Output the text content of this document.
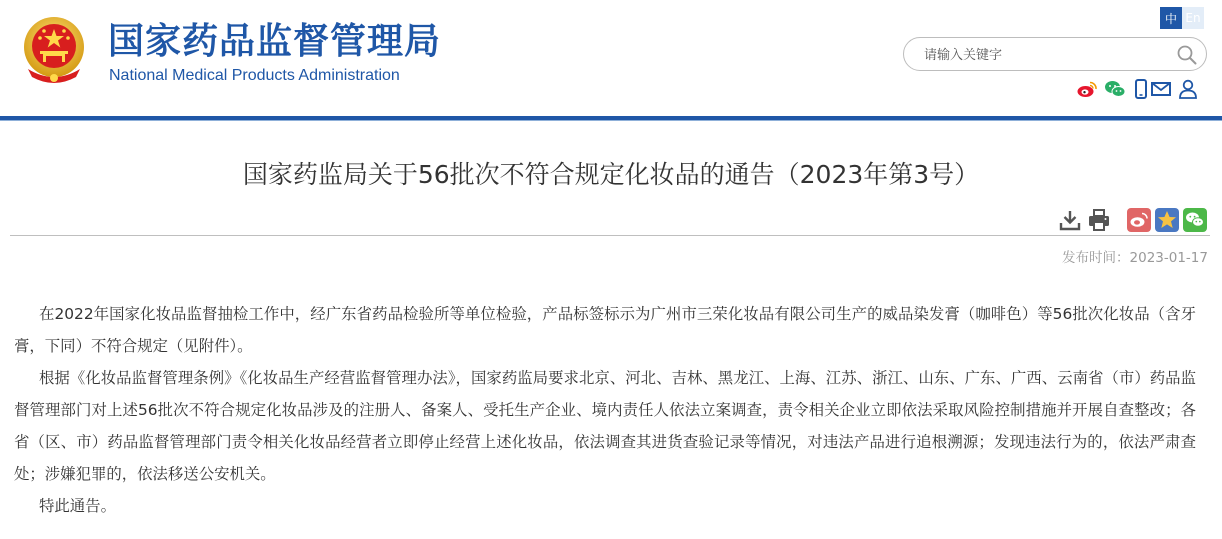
国家药品监督管理局
National Medical Products Administration
中 En
请输入关键字
国家药监局关于56批次不符合规定化妆品的通告（2023年第3号）
发布时间：2023-01-17

在2022年国家化妆品监督抽检工作中，经广东省药品检验所等单位检验，产品标签标示为广州市三荣化妆品有限公司生产的威品染发膏（咖啡色）等56批次化妆品（含牙膏，下同）不符合规定（见附件）。

根据《化妆品监督管理条例》《化妆品生产经营监督管理办法》，国家药监局要求北京、河北、吉林、黑龙江、上海、江苏、浙江、山东、广东、广西、云南省（市）药品监督管理部门对上述56批次不符合规定化妆品涉及的注册人、备案人、受托生产企业、境内责任人依法立案调查，责令相关企业立即依法采取风险控制措施并开展自查整改；各省（区、市）药品监督管理部门责令相关化妆品经营者立即停止经营上述化妆品，依法调查其进货查验记录等情况，对违法产品进行追根溯源；发现违法行为的，依法严肃查处；涉嫌犯罪的，依法移送公安机关。

特此通告。
